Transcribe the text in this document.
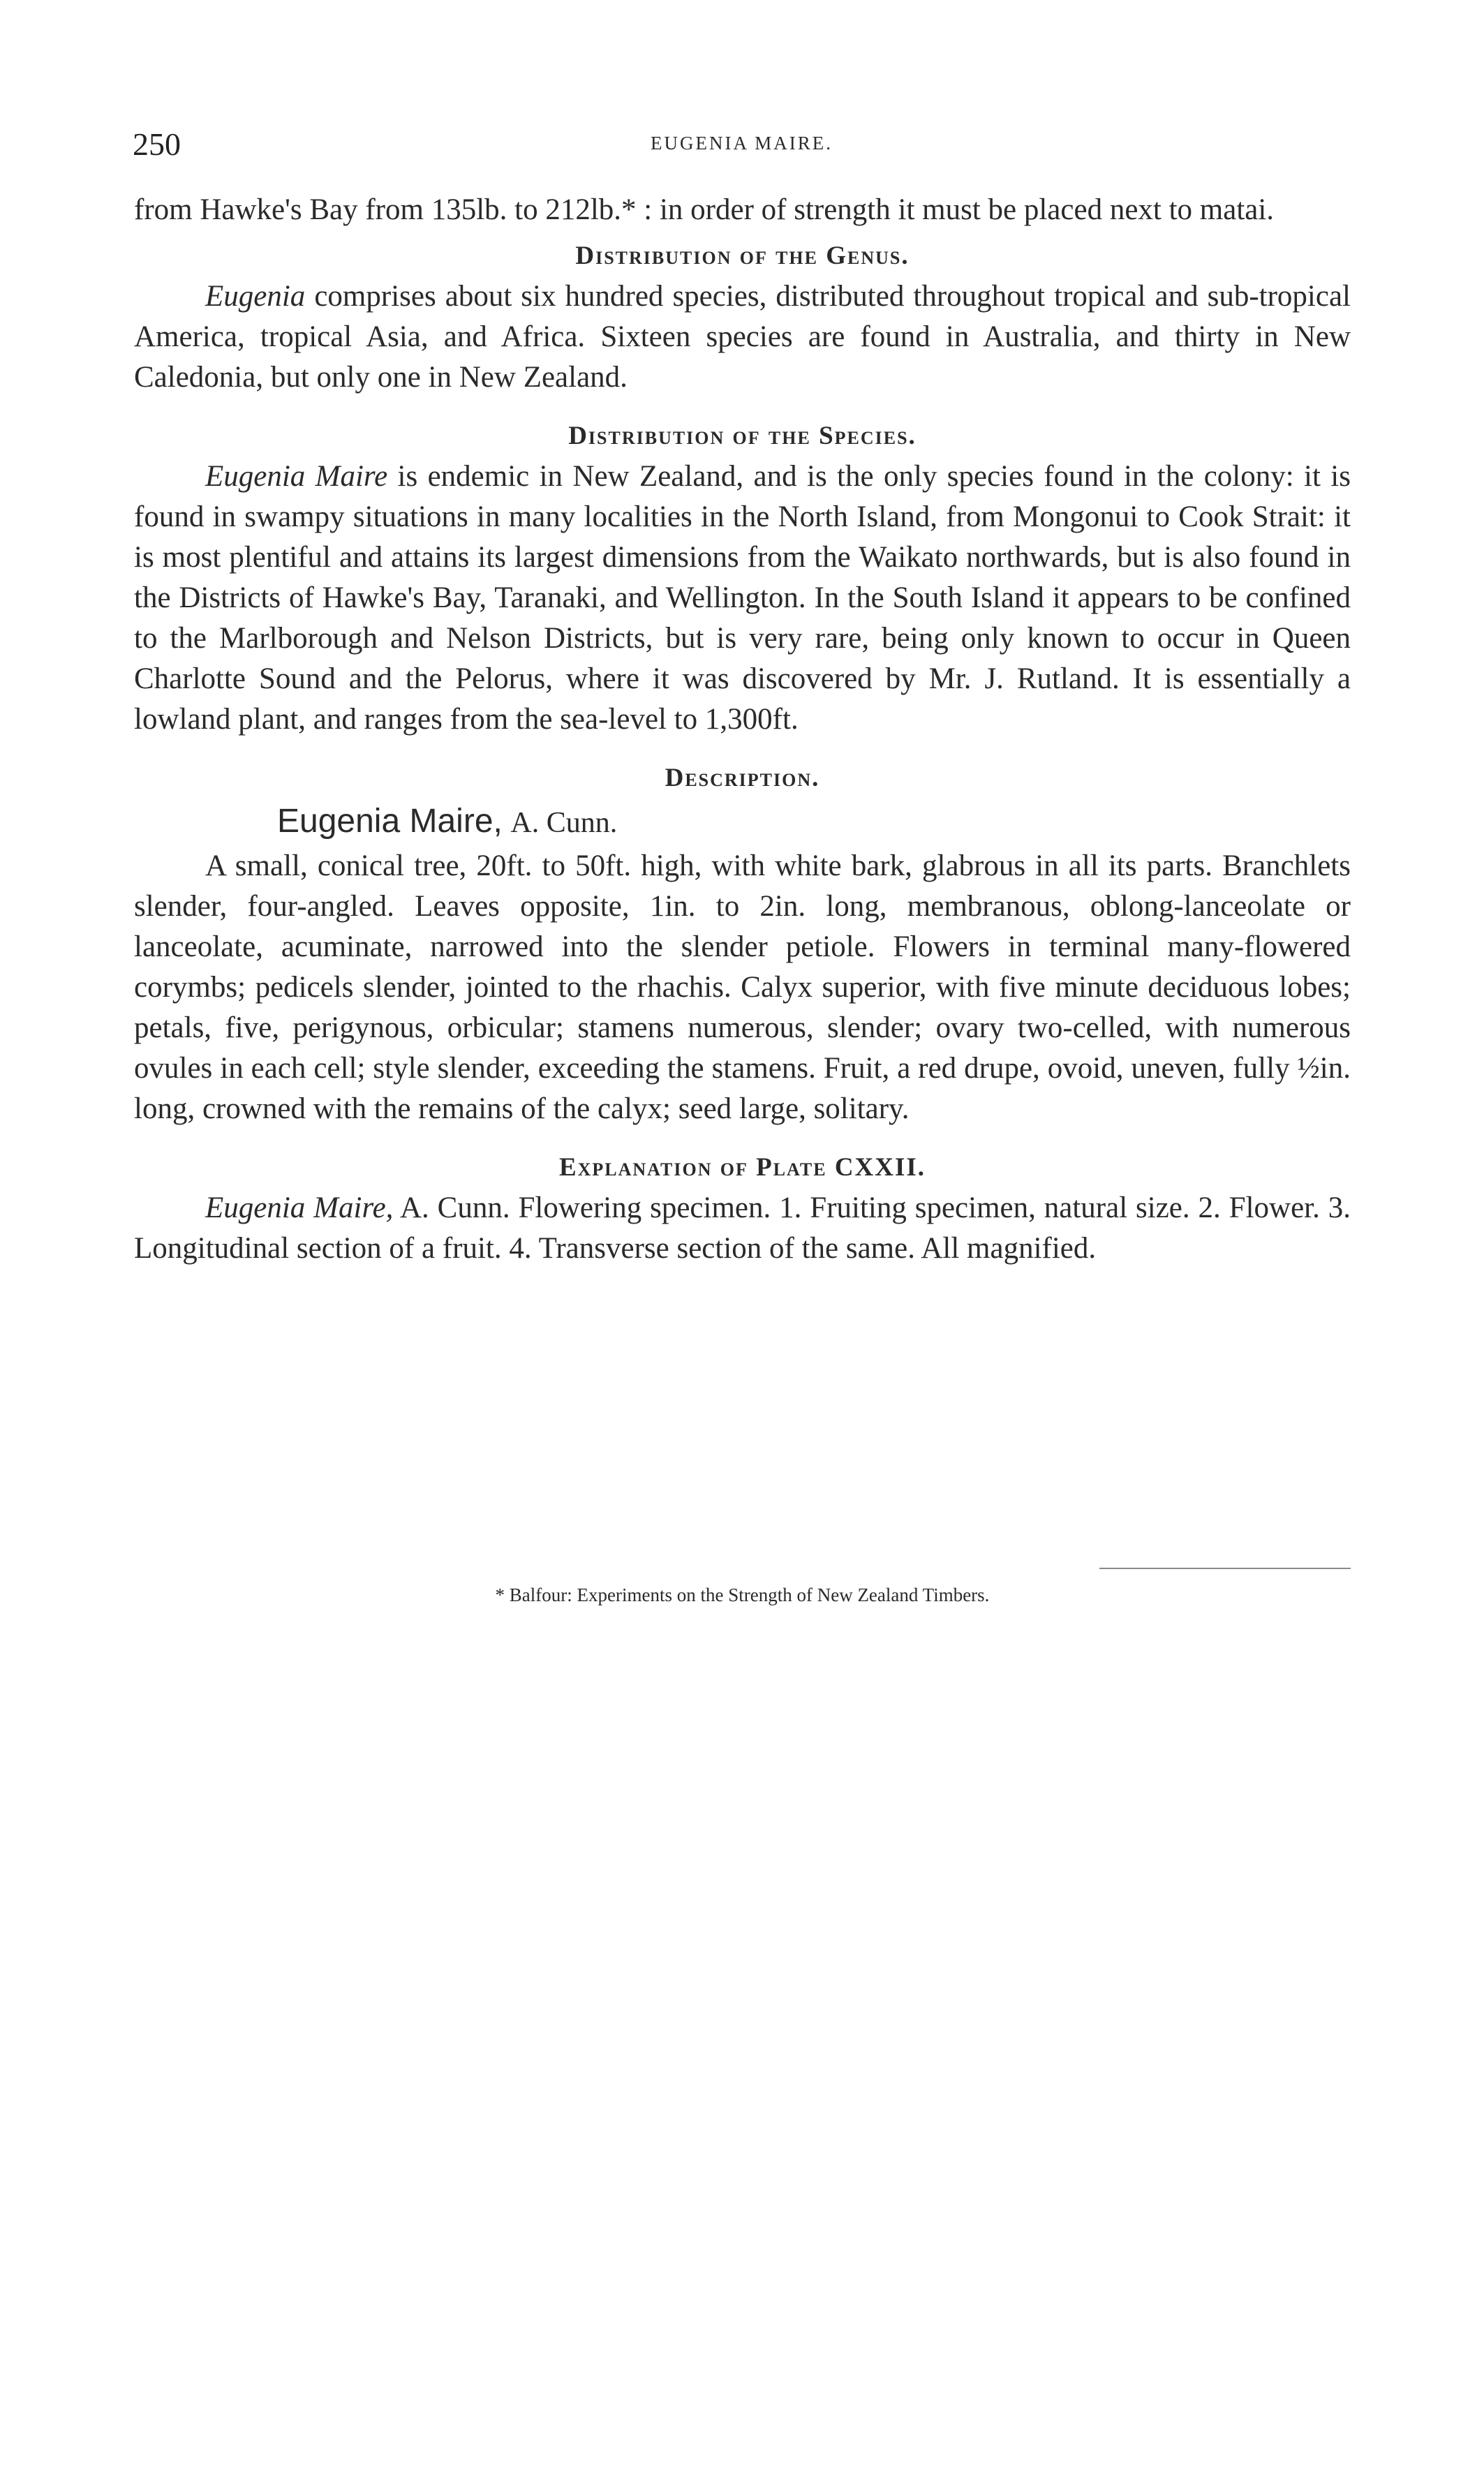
250	EUGENIA MAIRE.

from Hawke's Bay from 135lb. to 212lb.* : in order of strength it must be placed next to matai.

Distribution of the Genus.

Eugenia comprises about six hundred species, distributed throughout tropical and sub-tropical America, tropical Asia, and Africa. Sixteen species are found in Australia, and thirty in New Caledonia, but only one in New Zealand.

Distribution of the Species.

Eugenia Maire is endemic in New Zealand, and is the only species found in the colony: it is found in swampy situations in many localities in the North Island, from Mongonui to Cook Strait: it is most plentiful and attains its largest dimensions from the Waikato northwards, but is also found in the Districts of Hawke's Bay, Taranaki, and Wellington. In the South Island it appears to be confined to the Marlborough and Nelson Districts, but is very rare, being only known to occur in Queen Charlotte Sound and the Pelorus, where it was discovered by Mr. J. Rutland. It is essentially a lowland plant, and ranges from the sea-level to 1,300ft.

Description.
Eugenia Maire, A. Cunn.

A small, conical tree, 20ft. to 50ft. high, with white bark, glabrous in all its parts. Branchlets slender, four-angled. Leaves opposite, 1in. to 2in. long, membranous, oblong-lanceolate or lanceolate, acuminate, narrowed into the slender petiole. Flowers in terminal many-flowered corymbs; pedicels slender, jointed to the rhachis. Calyx superior, with five minute deciduous lobes; petals, five, perigynous, orbicular; stamens numerous, slender; ovary two-celled, with numerous ovules in each cell; style slender, exceeding the stamens. Fruit, a red drupe, ovoid, uneven, fully ½in. long, crowned with the remains of the calyx; seed large, solitary.

Explanation of Plate CXXII.

Eugenia Maire, A. Cunn. Flowering specimen. 1. Fruiting specimen, natural size. 2. Flower. 3. Longitudinal section of a fruit. 4. Transverse section of the same. All magnified.

* Balfour: Experiments on the Strength of New Zealand Timbers.
